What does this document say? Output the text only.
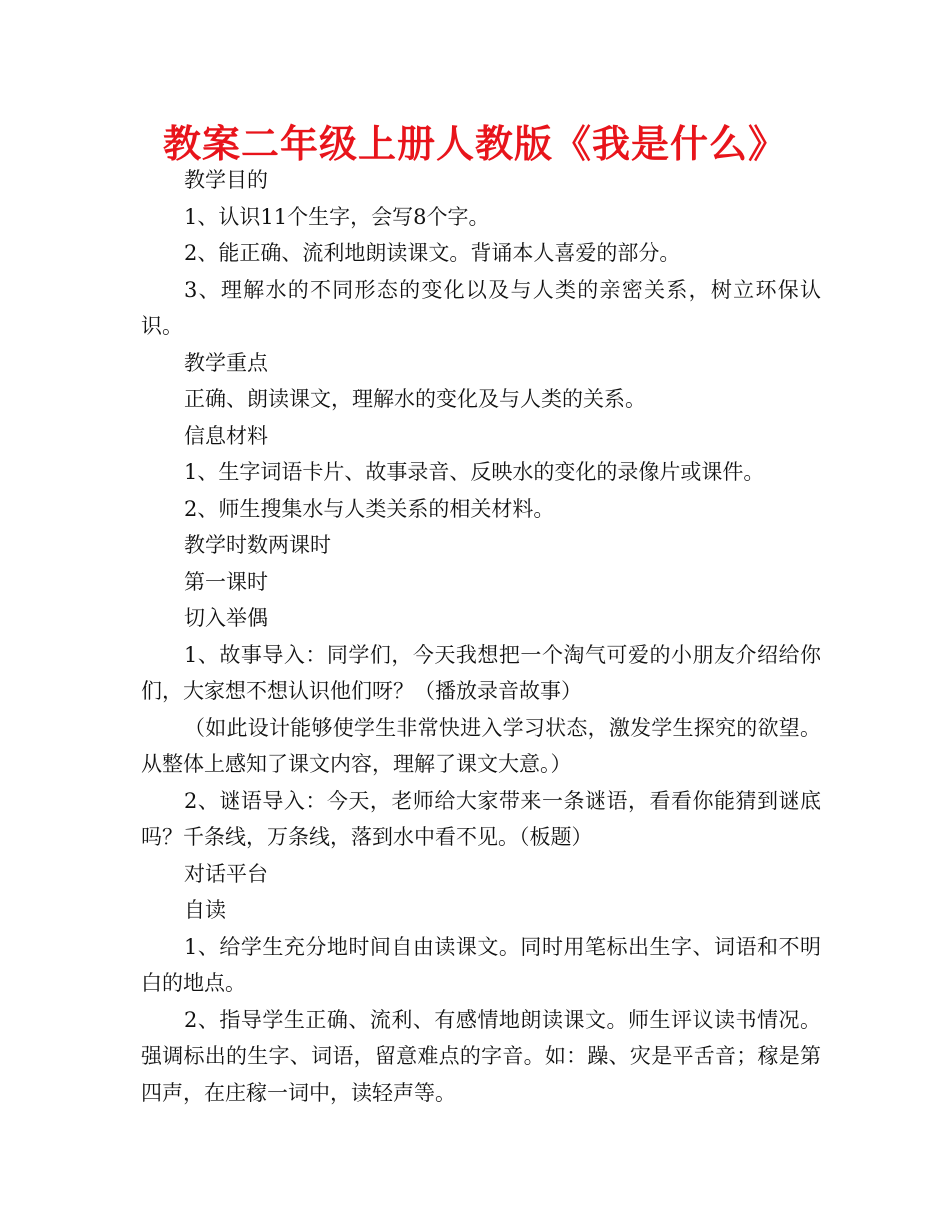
教案二年级上册人教版《我是什么》

教学目的

1、认识11个生字，会写8个字。

2、能正确、流利地朗读课文。背诵本人喜爱的部分。

3、理解水的不同形态的变化以及与人类的亲密关系，树立环保认识。

教学重点

正确、朗读课文，理解水的变化及与人类的关系。

信息材料

1、生字词语卡片、故事录音、反映水的变化的录像片或课件。

2、师生搜集水与人类关系的相关材料。

教学时数两课时

第一课时

切入举偶

1、故事导入：同学们，今天我想把一个淘气可爱的小朋友介绍给你们，大家想不想认识他们呀？（播放录音故事）

（如此设计能够使学生非常快进入学习状态，激发学生探究的欲望。从整体上感知了课文内容，理解了课文大意。）

2、谜语导入：今天，老师给大家带来一条谜语，看看你能猜到谜底吗？千条线，万条线，落到水中看不见。（板题）

对话平台

自读

1、给学生充分地时间自由读课文。同时用笔标出生字、词语和不明白的地点。

2、指导学生正确、流利、有感情地朗读课文。师生评议读书情况。强调标出的生字、词语，留意难点的字音。如：躁、灾是平舌音；稼是第四声，在庄稼一词中，读轻声等。
